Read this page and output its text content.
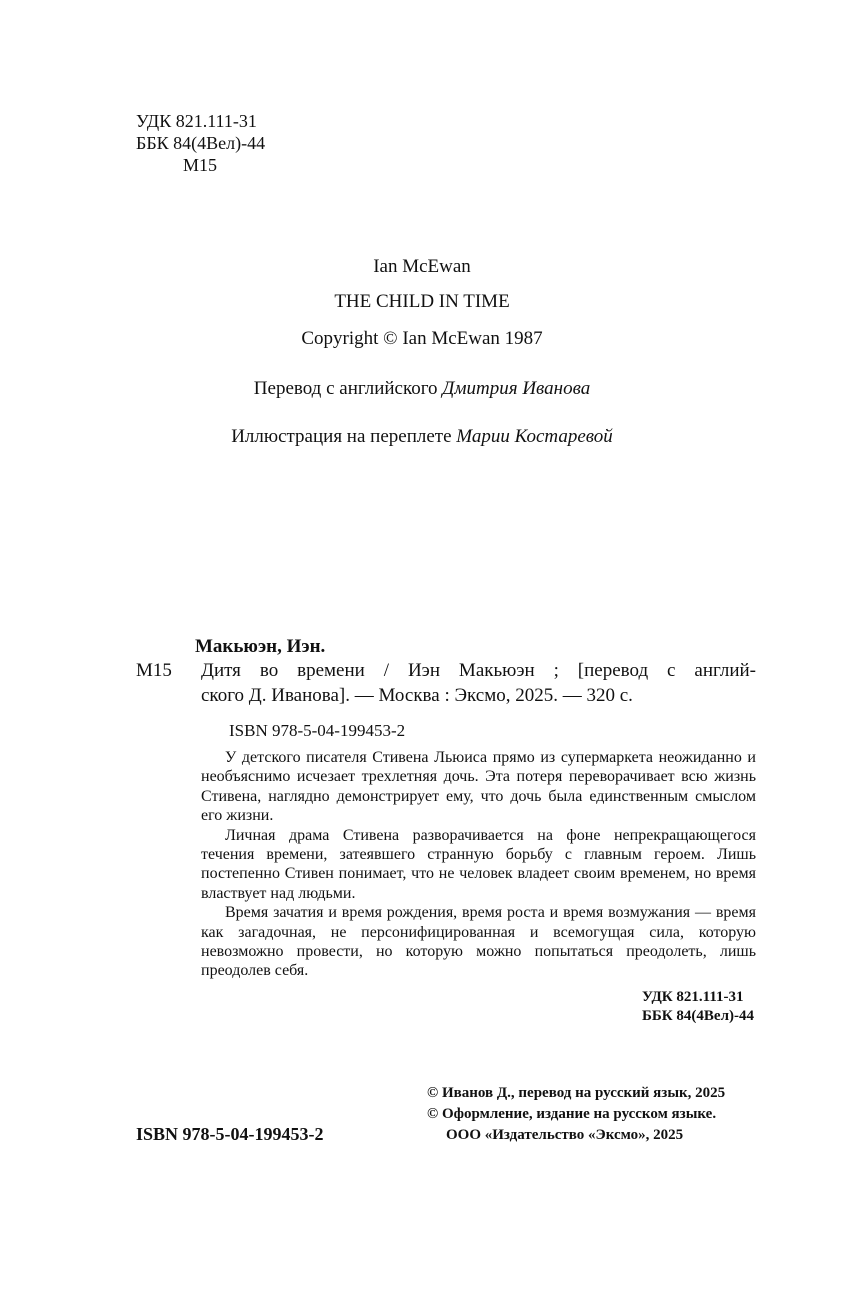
УДК 821.111-31
ББК 84(4Вел)-44
М15
Ian McEwan
THE CHILD IN TIME
Copyright © Ian McEwan 1987
Перевод с английского Дмитрия Иванова
Иллюстрация на переплете Марии Костаревой
Макьюэн, Иэн.
М15 Дитя во времени / Иэн Макьюэн ; [перевод с англий-
ского Д. Иванова]. — Москва : Эксмо, 2025. — 320 с.
ISBN 978-5-04-199453-2

У детского писателя Стивена Льюиса прямо из супермаркета неожиданно и необъяснимо исчезает трехлетняя дочь. Эта потеря переворачивает всю жизнь Стивена, наглядно демонстрирует ему, что дочь была единственным смыслом его жизни.

Личная драма Стивена разворачивается на фоне непрекращающегося течения времени, затеявшего странную борьбу с главным героем. Лишь постепенно Стивен понимает, что не человек владеет своим временем, но время властвует над людьми.

Время зачатия и время рождения, время роста и время возмужания — время как загадочная, не персонифицированная и всемогущая сила, которую невозможно провести, но которую можно попытаться преодолеть, лишь преодолев себя.

УДК 821.111-31
ББК 84(4Вел)-44
© Иванов Д., перевод на русский язык, 2025
© Оформление, издание на русском языке.
ООО «Издательство «Эксмо», 2025
ISBN 978-5-04-199453-2
